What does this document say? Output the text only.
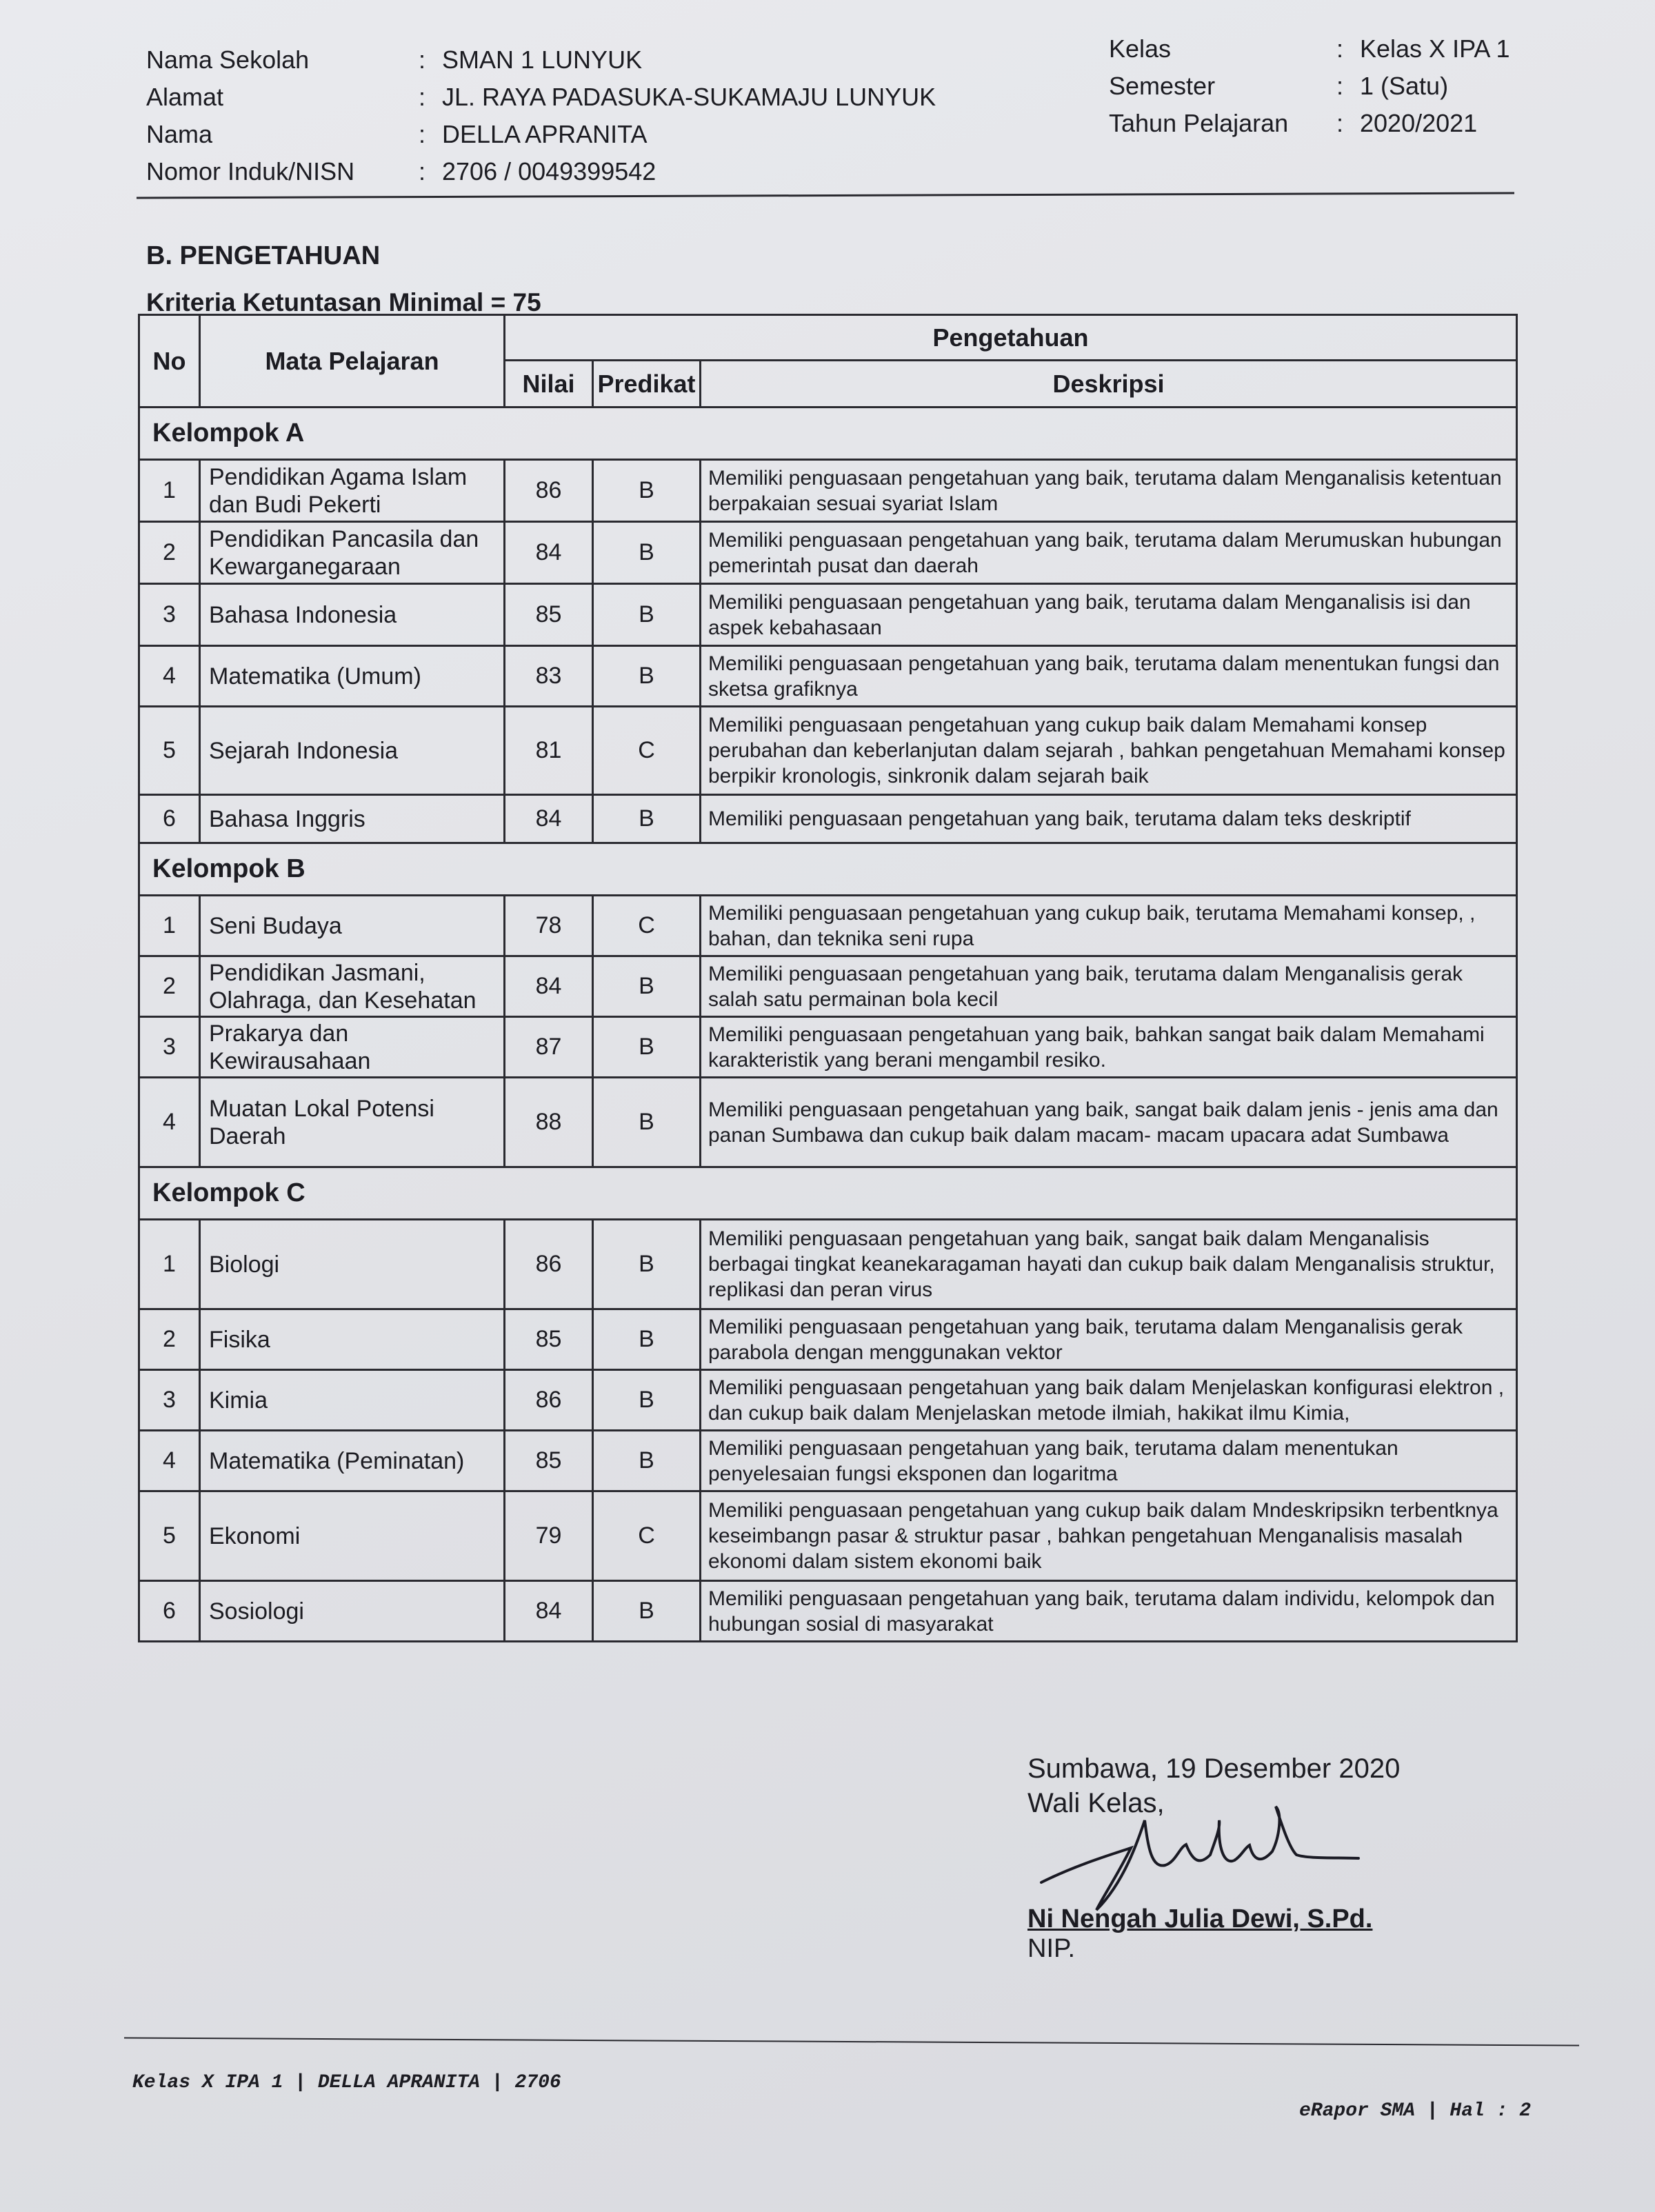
Nama Sekolah	: SMAN 1 LUNYUK
Alamat	: JL. RAYA PADASUKA-SUKAMAJU LUNYUK
Nama	: DELLA APRANITA
Nomor Induk/NISN	: 2706 / 0049399542
Kelas	: Kelas X IPA 1
Semester	: 1 (Satu)
Tahun Pelajaran	: 2020/2021
B. PENGETAHUAN
Kriteria Ketuntasan Minimal = 75
No	Mata Pelajaran	Pengetahuan		
		Nilai	Predikat	Deskripsi
Kelompok A				
1	Pendidikan Agama Islam dan Budi Pekerti	86	B	Memiliki penguasaan pengetahuan yang baik, terutama dalam Menganalisis ketentuan berpakaian sesuai syariat Islam
2	Pendidikan Pancasila dan Kewarganegaraan	84	B	Memiliki penguasaan pengetahuan yang baik, terutama dalam Merumuskan hubungan pemerintah pusat dan daerah
3	Bahasa Indonesia	85	B	Memiliki penguasaan pengetahuan yang baik, terutama dalam Menganalisis isi dan aspek kebahasaan
4	Matematika (Umum)	83	B	Memiliki penguasaan pengetahuan yang baik, terutama dalam menentukan fungsi dan sketsa grafiknya
5	Sejarah Indonesia	81	C	Memiliki penguasaan pengetahuan yang cukup baik dalam Memahami konsep perubahan dan keberlanjutan dalam sejarah , bahkan pengetahuan Memahami konsep berpikir kronologis, sinkronik dalam sejarah baik
6	Bahasa Inggris	84	B	Memiliki penguasaan pengetahuan yang baik, terutama dalam teks deskriptif
Kelompok B				
1	Seni Budaya	78	C	Memiliki penguasaan pengetahuan yang cukup baik, terutama Memahami konsep, , bahan, dan teknika seni rupa
2	Pendidikan Jasmani, Olahraga, dan Kesehatan	84	B	Memiliki penguasaan pengetahuan yang baik, terutama dalam Menganalisis gerak salah satu permainan bola kecil
3	Prakarya dan Kewirausahaan	87	B	Memiliki penguasaan pengetahuan yang baik, bahkan sangat baik dalam Memahami karakteristik yang berani mengambil resiko.
4	Muatan Lokal Potensi Daerah	88	B	Memiliki penguasaan pengetahuan yang baik, sangat baik dalam jenis - jenis ama dan panan Sumbawa dan cukup baik dalam macam- macam upacara adat Sumbawa
Kelompok C				
1	Biologi	86	B	Memiliki penguasaan pengetahuan yang baik, sangat baik dalam Menganalisis berbagai tingkat keanekaragaman hayati dan cukup baik dalam Menganalisis struktur, replikasi dan peran virus
2	Fisika	85	B	Memiliki penguasaan pengetahuan yang baik, terutama dalam Menganalisis gerak parabola dengan menggunakan vektor
3	Kimia	86	B	Memiliki penguasaan pengetahuan yang baik dalam Menjelaskan konfigurasi elektron , dan cukup baik dalam Menjelaskan metode ilmiah, hakikat ilmu Kimia,
4	Matematika (Peminatan)	85	B	Memiliki penguasaan pengetahuan yang baik, terutama dalam menentukan penyelesaian fungsi eksponen dan logaritma
5	Ekonomi	79	C	Memiliki penguasaan pengetahuan yang cukup baik dalam Mndeskripsikn terbentknya keseimbangn pasar & struktur pasar , bahkan pengetahuan Menganalisis masalah ekonomi dalam sistem ekonomi baik
6	Sosiologi	84	B	Memiliki penguasaan pengetahuan yang baik, terutama dalam individu, kelompok dan hubungan sosial di masyarakat
Sumbawa, 19 Desember 2020
Wali Kelas,
Ni Nengah Julia Dewi, S.Pd.
NIP.
Kelas X IPA 1 | DELLA APRANITA | 2706
eRapor SMA | Hal : 2
